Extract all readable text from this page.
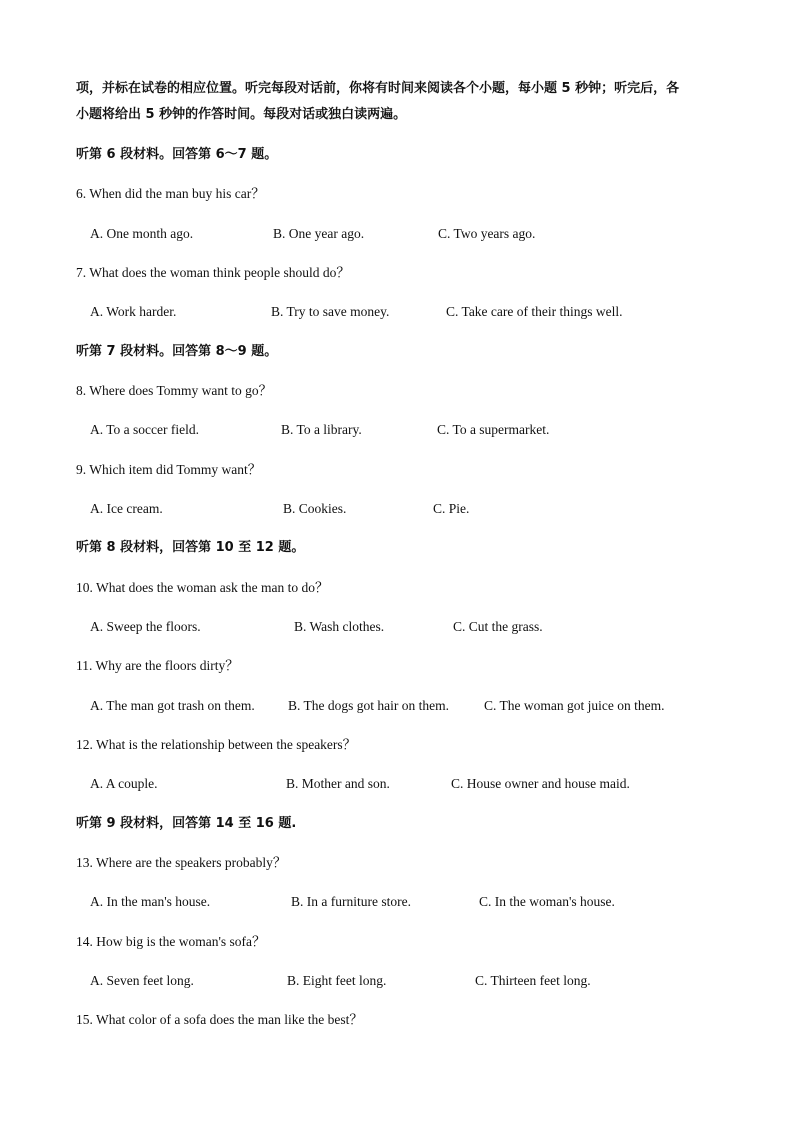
项，并标在试卷的相应位置。听完每段对话前，你将有时间来阅读各个小题，每小题 5 秒钟；听完后，各
小题将给出 5 秒钟的作答时间。每段对话或独白读两遍。
听第 6 段材料。回答第 6～7 题。
6. When did the man buy his car？
A. One month ago.	B. One year ago.	C. Two years ago.
7. What does the woman think people should do？
A. Work harder.	B. Try to save money.	C. Take care of their things well.
听第 7 段材料。回答第 8～9 题。
8. Where does Tommy want to go？
A. To a soccer field.	B. To a library.	C. To a supermarket.
9. Which item did Tommy want？
A. Ice cream.	B. Cookies.	C. Pie.
听第 8 段材料，回答第 10 至 12 题。
10. What does the woman ask the man to do？
A. Sweep the floors.	B. Wash clothes.	C. Cut the grass.
11. Why are the floors dirty？
A. The man got trash on them. B. The dogs got hair on them.	C. The woman got juice on them.
12. What is the relationship between the speakers？
A. A couple.	B. Mother and son.	C. House owner and house maid.
听第 9 段材料，回答第 14 至 16 题.
13. Where are the speakers probably？
A. In the man's house.	B. In a furniture store.	C. In the woman's house.
14. How big is the woman's sofa？
A. Seven feet long.	B. Eight feet long.	C. Thirteen feet long.
15. What color of a sofa does the man like the best？
